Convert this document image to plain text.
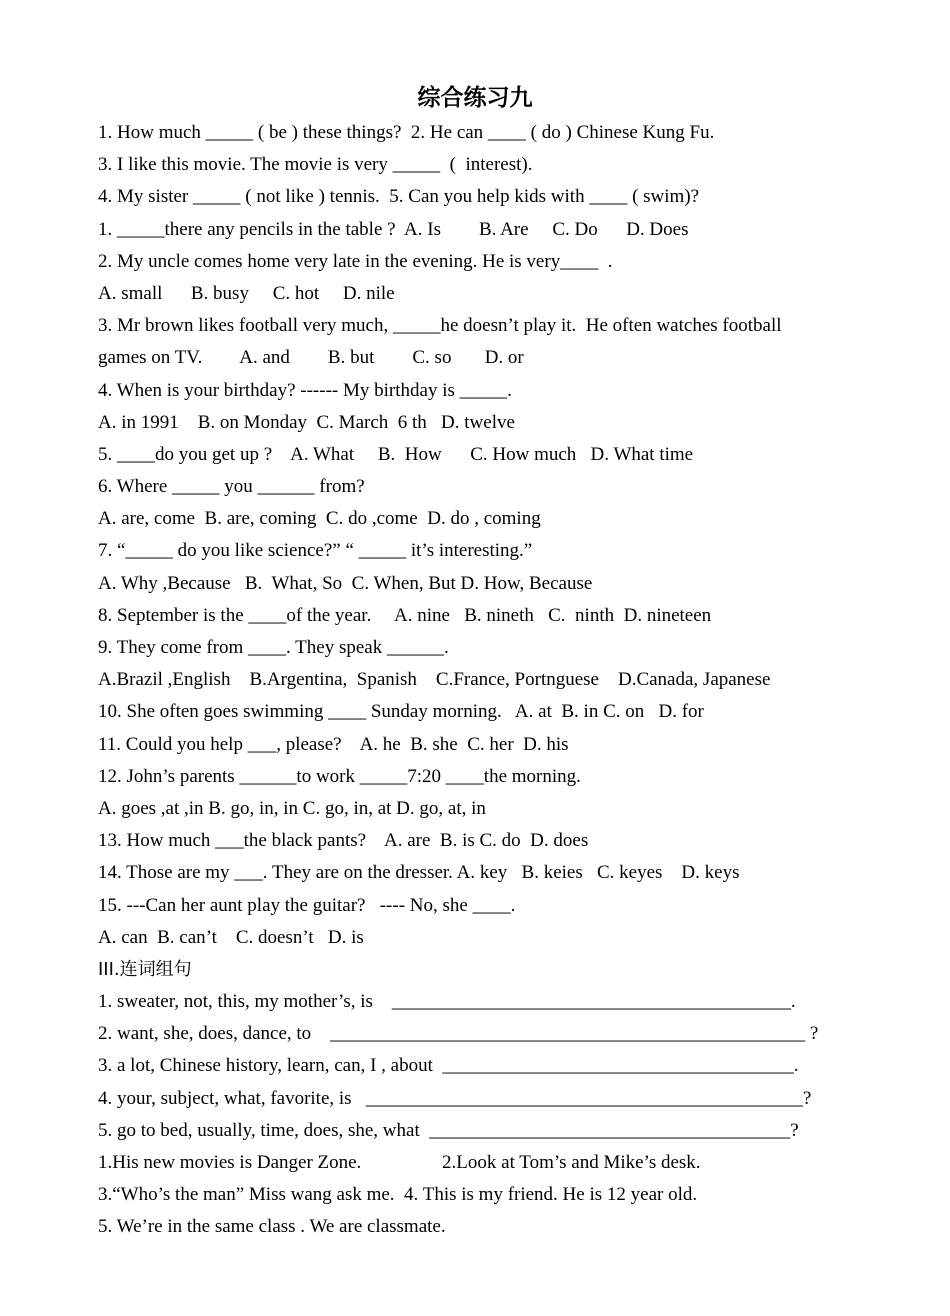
综合练习九
1. How much _____ ( be ) these things?  2. He can ____ ( do ) Chinese Kung Fu.
3. I like this movie. The movie is very _____  (  interest).
4. My sister _____ ( not like ) tennis.  5. Can you help kids with ____ ( swim)?
1. _____there any pencils in the table ?  A. Is        B. Are     C. Do      D. Does
2. My uncle comes home very late in the evening. He is very____  .
A. small      B. busy     C. hot     D. nile
3. Mr brown likes football very much, _____he doesn’t play it.  He often watches football
games on TV.        A. and        B. but        C. so       D. or
4. When is your birthday? ------ My birthday is _____.
A. in 1991    B. on Monday  C. March  6 th   D. twelve
5. ____do you get up ?    A. What     B.  How      C. How much   D. What time
6. Where _____ you ______ from?
A. are, come  B. are, coming  C. do ,come  D. do , coming
7. “_____ do you like science?” “ _____ it’s interesting.”
A. Why ,Because   B.  What, So  C. When, But D. How, Because
8. September is the ____of the year.     A. nine   B. nineth   C.  ninth  D. nineteen
9. They come from ____. They speak ______.
A.Brazil ,English    B.Argentina,  Spanish    C.France, Portnguese    D.Canada, Japanese
10. She often goes swimming ____ Sunday morning.   A. at  B. in C. on   D. for
11. Could you help ___, please?    A. he  B. she  C. her  D. his
12. John’s parents ______to work _____7:20 ____the morning.
A. goes ,at ,in B. go, in, in C. go, in, at D. go, at, in
13. How much ___the black pants?    A. are  B. is C. do  D. does
14. Those are my ___. They are on the dresser. A. key   B. keies   C. keyes    D. keys
15. ---Can her aunt play the guitar?   ---- No, she ____.
A. can  B. can’t    C. doesn’t   D. is
III.连词组句
1. sweater, not, this, my mother’s, is    __________________________________________.
2. want, she, does, dance, to    __________________________________________________ ?
3. a lot, Chinese history, learn, can, I , about  _____________________________________.
4. your, subject, what, favorite, is   ______________________________________________?
5. go to bed, usually, time, does, she, what  ______________________________________?
1.His new movies is Danger Zone.                 2.Look at Tom’s and Mike’s desk.
3.“Who’s the man” Miss wang ask me.  4. This is my friend. He is 12 year old.
5. We’re in the same class . We are classmate.
